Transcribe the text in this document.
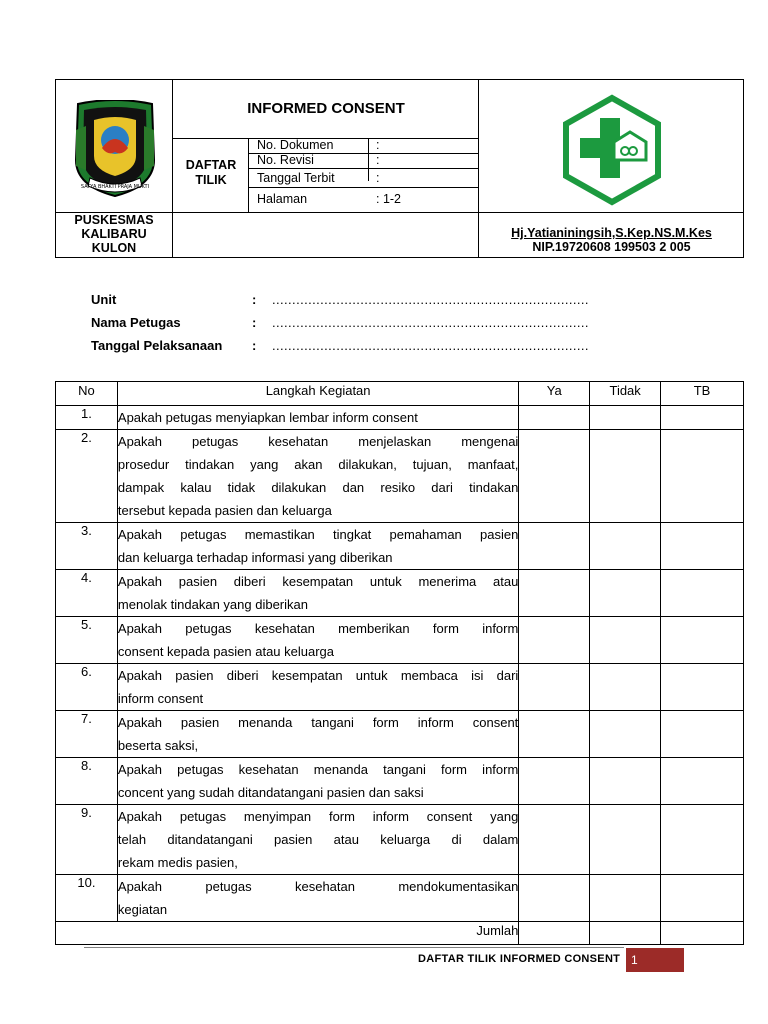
SATYA BHAKTI PRAJA MUKTI
INFORMED CONSENT
DAFTAR
TILIK
No. Dokumen	:
No. Revisi	:
Tanggal Terbit	:
Halaman	: 1-2
PUSKESMAS
KALIBARU
KULON
Hj.Yatianiningsih,S.Kep.NS.M.Kes
NIP.19720608 199503 2 005
Unit	: ...............................................................................
Nama Petugas	: ...............................................................................
Tanggal Pelaksanaan : ...............................................................................
No	Langkah Kegiatan	Ya	Tidak	TB
1.	Apakah petugas menyiapkan lembar inform consent			

2.	Apakah petugas kesehatan menjelaskan mengenai
prosedur tindakan yang akan dilakukan, tujuan, manfaat,
dampak kalau tidak dilakukan dan resiko dari tindakan
tersebut kepada pasien dan keluarga			

3.	Apakah petugas memastikan tingkat pemahaman pasien
dan keluarga terhadap informasi yang diberikan			

4.	Apakah pasien diberi kesempatan untuk menerima atau
menolak tindakan yang diberikan			

5.	Apakah petugas kesehatan memberikan form inform
consent kepada pasien atau keluarga			

6.	Apakah pasien diberi kesempatan untuk membaca isi dari
inform consent			

7.	Apakah pasien menanda tangani form inform consent
beserta saksi,			

8.	Apakah petugas kesehatan menanda tangani form inform
concent yang sudah ditandatangani pasien dan saksi			

9.	Apakah petugas menyimpan form inform consent yang
telah ditandatangani pasien atau keluarga di dalam
rekam medis pasien,			

10.	Apakah petugas kesehatan mendokumentasikan
kegiatan			

Jumlah				
DAFTAR TILIK INFORMED CONSENT 1
